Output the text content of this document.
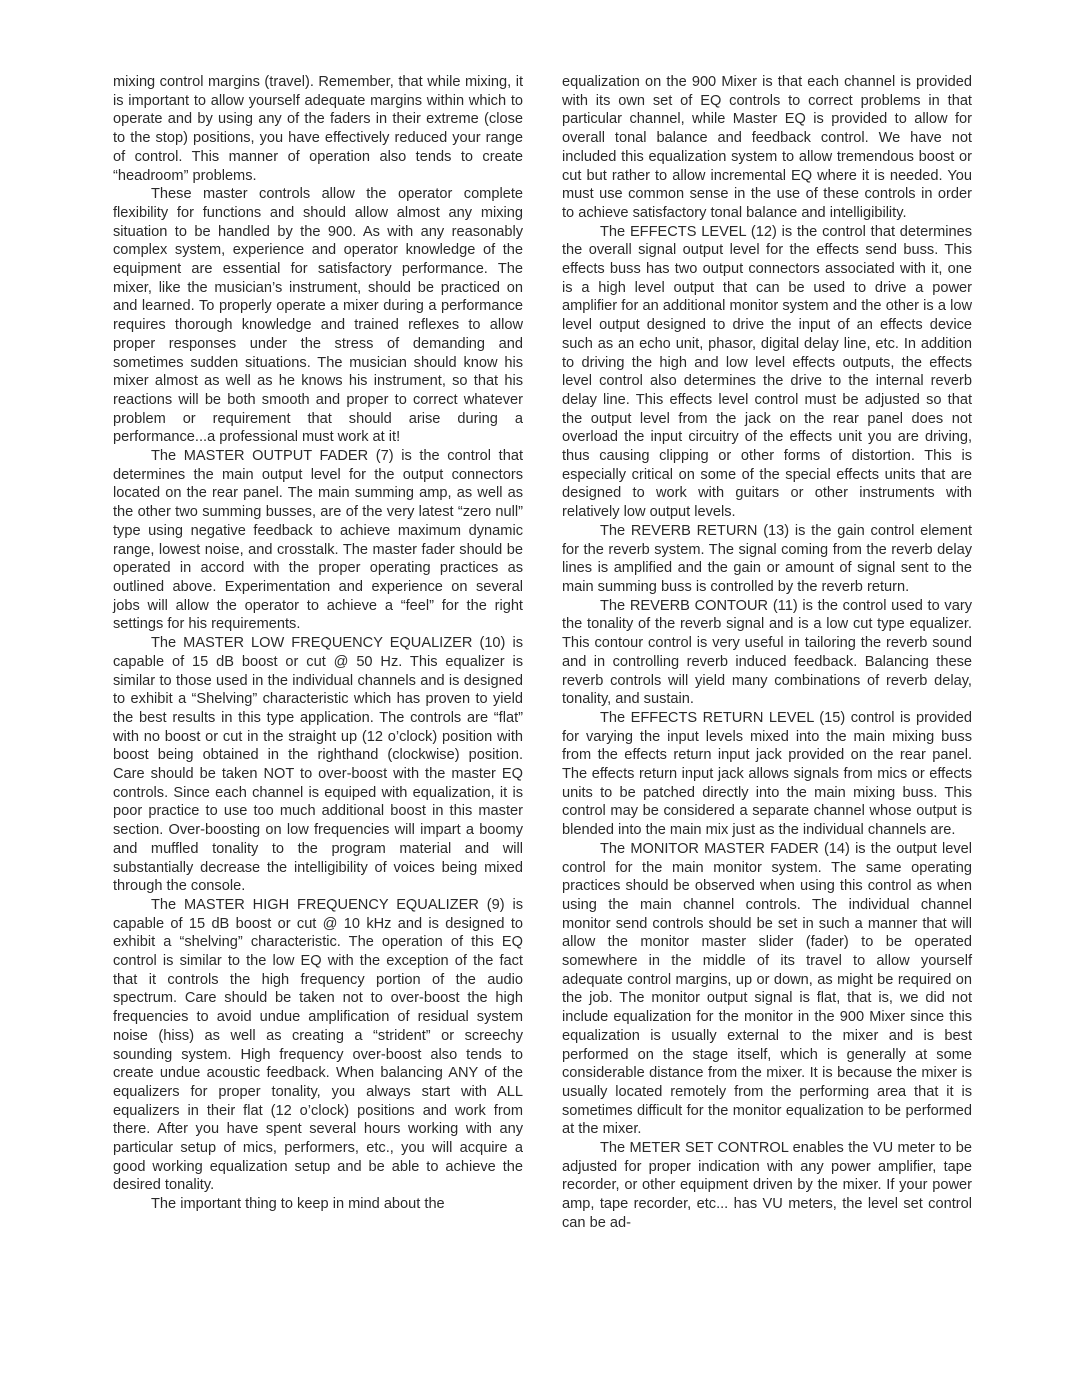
mixing control margins (travel). Remember, that while mixing, it is important to allow yourself adequate margins within which to operate and by using any of the faders in their extreme (close to the stop) positions, you have effectively reduced your range of control. This manner of operation also tends to create “headroom” problems.

These master controls allow the operator complete flexibility for functions and should allow almost any mixing situation to be handled by the 900. As with any reasonably complex system, experience and operator knowledge of the equipment are essential for satisfactory performance. The mixer, like the musician’s instrument, should be practiced on and learned. To properly operate a mixer during a performance requires thorough knowledge and trained reflexes to allow proper responses under the stress of demanding and sometimes sudden situations. The musician should know his mixer almost as well as he knows his instrument, so that his reactions will be both smooth and proper to correct whatever problem or requirement that should arise during a performance...a professional must work at it!

The MASTER OUTPUT FADER (7) is the control that determines the main output level for the output connectors located on the rear panel. The main summing amp, as well as the other two summing busses, are of the very latest “zero null” type using negative feedback to achieve maximum dynamic range, lowest noise, and crosstalk. The master fader should be operated in accord with the proper operating practices as outlined above. Experimentation and experience on several jobs will allow the operator to achieve a “feel” for the right settings for his requirements.

The MASTER LOW FREQUENCY EQUALIZER (10) is capable of 15 dB boost or cut @ 50 Hz. This equalizer is similar to those used in the individual channels and is designed to exhibit a “Shelving” characteristic which has proven to yield the best results in this type application. The controls are “flat” with no boost or cut in the straight up (12 o’clock) position with boost being obtained in the righthand (clockwise) position. Care should be taken NOT to over-boost with the master EQ controls. Since each channel is equiped with equalization, it is poor practice to use too much additional boost in this master section. Over-boosting on low frequencies will impart a boomy and muffled tonality to the program material and will substantially decrease the intelligibility of voices being mixed through the console.

The MASTER HIGH FREQUENCY EQUALIZER (9) is capable of 15 dB boost or cut @ 10 kHz and is designed to exhibit a “shelving” characteristic. The operation of this EQ control is similar to the low EQ with the exception of the fact that it controls the high frequency portion of the audio spectrum. Care should be taken not to over-boost the high frequencies to avoid undue amplification of residual system noise (hiss) as well as creating a “strident” or screechy sounding system. High frequency over-boost also tends to create undue acoustic feedback. When balancing ANY of the equalizers for proper tonality, you always start with ALL equalizers in their flat (12 o’clock) positions and work from there. After you have spent several hours working with any particular setup of mics, performers, etc., you will acquire a good working equalization setup and be able to achieve the desired tonality.

The important thing to keep in mind about the

equalization on the 900 Mixer is that each channel is provided with its own set of EQ controls to correct problems in that particular channel, while Master EQ is provided to allow for overall tonal balance and feedback control. We have not included this equalization system to allow tremendous boost or cut but rather to allow incremental EQ where it is needed. You must use common sense in the use of these controls in order to achieve satisfactory tonal balance and intelligibility.

The EFFECTS LEVEL (12) is the control that determines the overall signal output level for the effects send buss. This effects buss has two output connectors associated with it, one is a high level output that can be used to drive a power amplifier for an additional monitor system and the other is a low level output designed to drive the input of an effects device such as an echo unit, phasor, digital delay line, etc. In addition to driving the high and low level effects outputs, the effects level control also determines the drive to the internal reverb delay line. This effects level control must be adjusted so that the output level from the jack on the rear panel does not overload the input circuitry of the effects unit you are driving, thus causing clipping or other forms of distortion. This is especially critical on some of the special effects units that are designed to work with guitars or other instruments with relatively low output levels.

The REVERB RETURN (13) is the gain control element for the reverb system. The signal coming from the reverb delay lines is amplified and the gain or amount of signal sent to the main summing buss is controlled by the reverb return.

The REVERB CONTOUR (11) is the control used to vary the tonality of the reverb signal and is a low cut type equalizer. This contour control is very useful in tailoring the reverb sound and in controlling reverb induced feedback. Balancing these reverb controls will yield many combinations of reverb delay, tonality, and sustain.

The EFFECTS RETURN LEVEL (15) control is provided for varying the input levels mixed into the main mixing buss from the effects return input jack provided on the rear panel. The effects return input jack allows signals from mics or effects units to be patched directly into the main mixing buss. This control may be considered a separate channel whose output is blended into the main mix just as the individual channels are.

The MONITOR MASTER FADER (14) is the output level control for the main monitor system. The same operating practices should be observed when using this control as when using the main channel controls. The individual channel monitor send controls should be set in such a manner that will allow the monitor master slider (fader) to be operated somewhere in the middle of its travel to allow yourself adequate control margins, up or down, as might be required on the job. The monitor output signal is flat, that is, we did not include equalization for the monitor in the 900 Mixer since this equalization is usually external to the mixer and is best performed on the stage itself, which is generally at some considerable distance from the mixer. It is because the mixer is usually located remotely from the performing area that it is sometimes difficult for the monitor equalization to be performed at the mixer.

The METER SET CONTROL enables the VU meter to be adjusted for proper indication with any power amplifier, tape recorder, or other equipment driven by the mixer. If your power amp, tape recorder, etc... has VU meters, the level set control can be ad-
